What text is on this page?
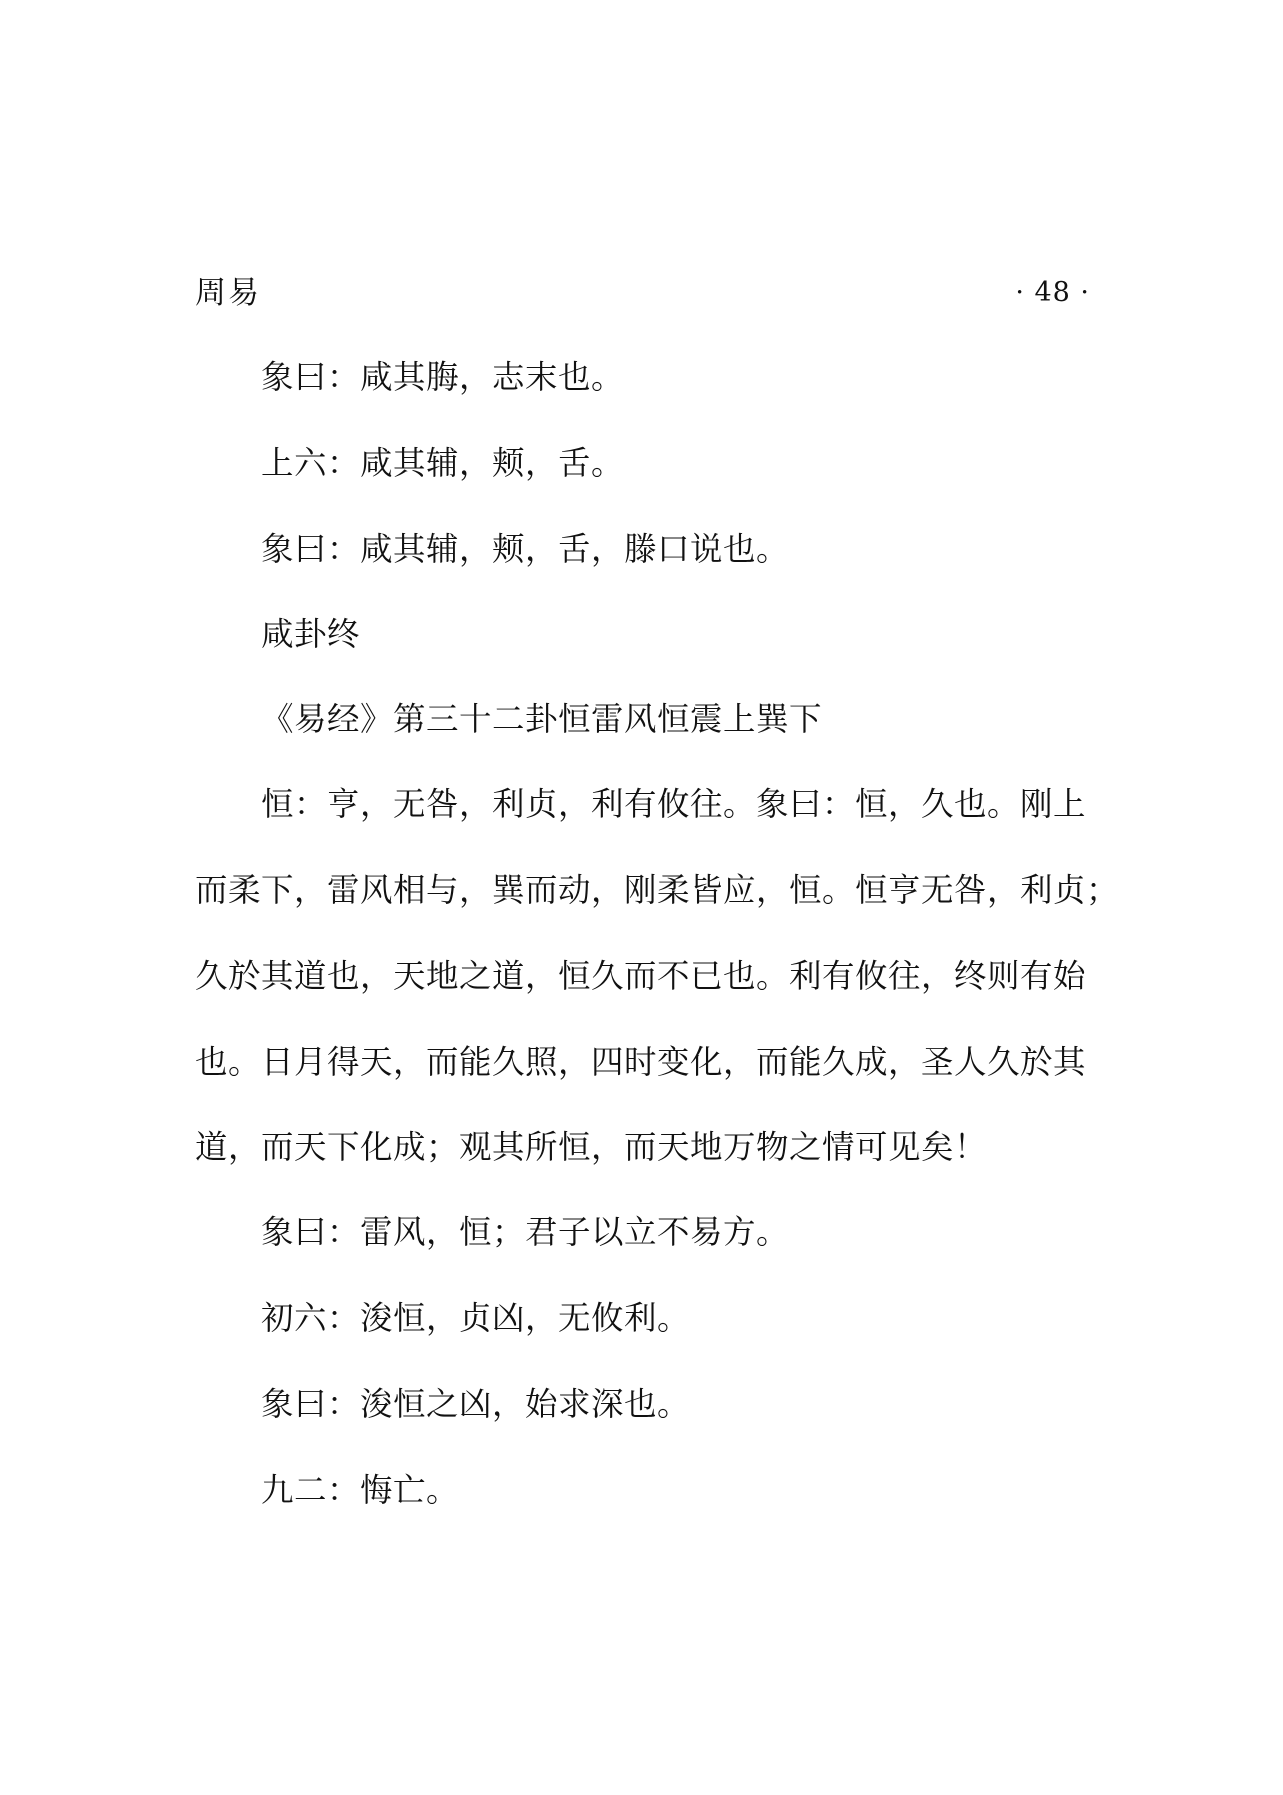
周易	· 48 ·
象曰：咸其脢，志末也。
上六：咸其辅，颊，舌。
象曰：咸其辅，颊，舌，滕口说也。
咸卦终
《易经》第三十二卦恒雷风恒震上巽下
恒：亨，无咎，利贞，利有攸往。象曰：恒，久也。刚上
而柔下，雷风相与，巽而动，刚柔皆应，恒。恒亨无咎，利贞；
久於其道也，天地之道，恒久而不已也。利有攸往，终则有始
也。日月得天，而能久照，四时变化，而能久成，圣人久於其
道，而天下化成；观其所恒，而天地万物之情可见矣！
象曰：雷风，恒；君子以立不易方。
初六：浚恒，贞凶，无攸利。
象曰：浚恒之凶，始求深也。
九二：悔亡。
